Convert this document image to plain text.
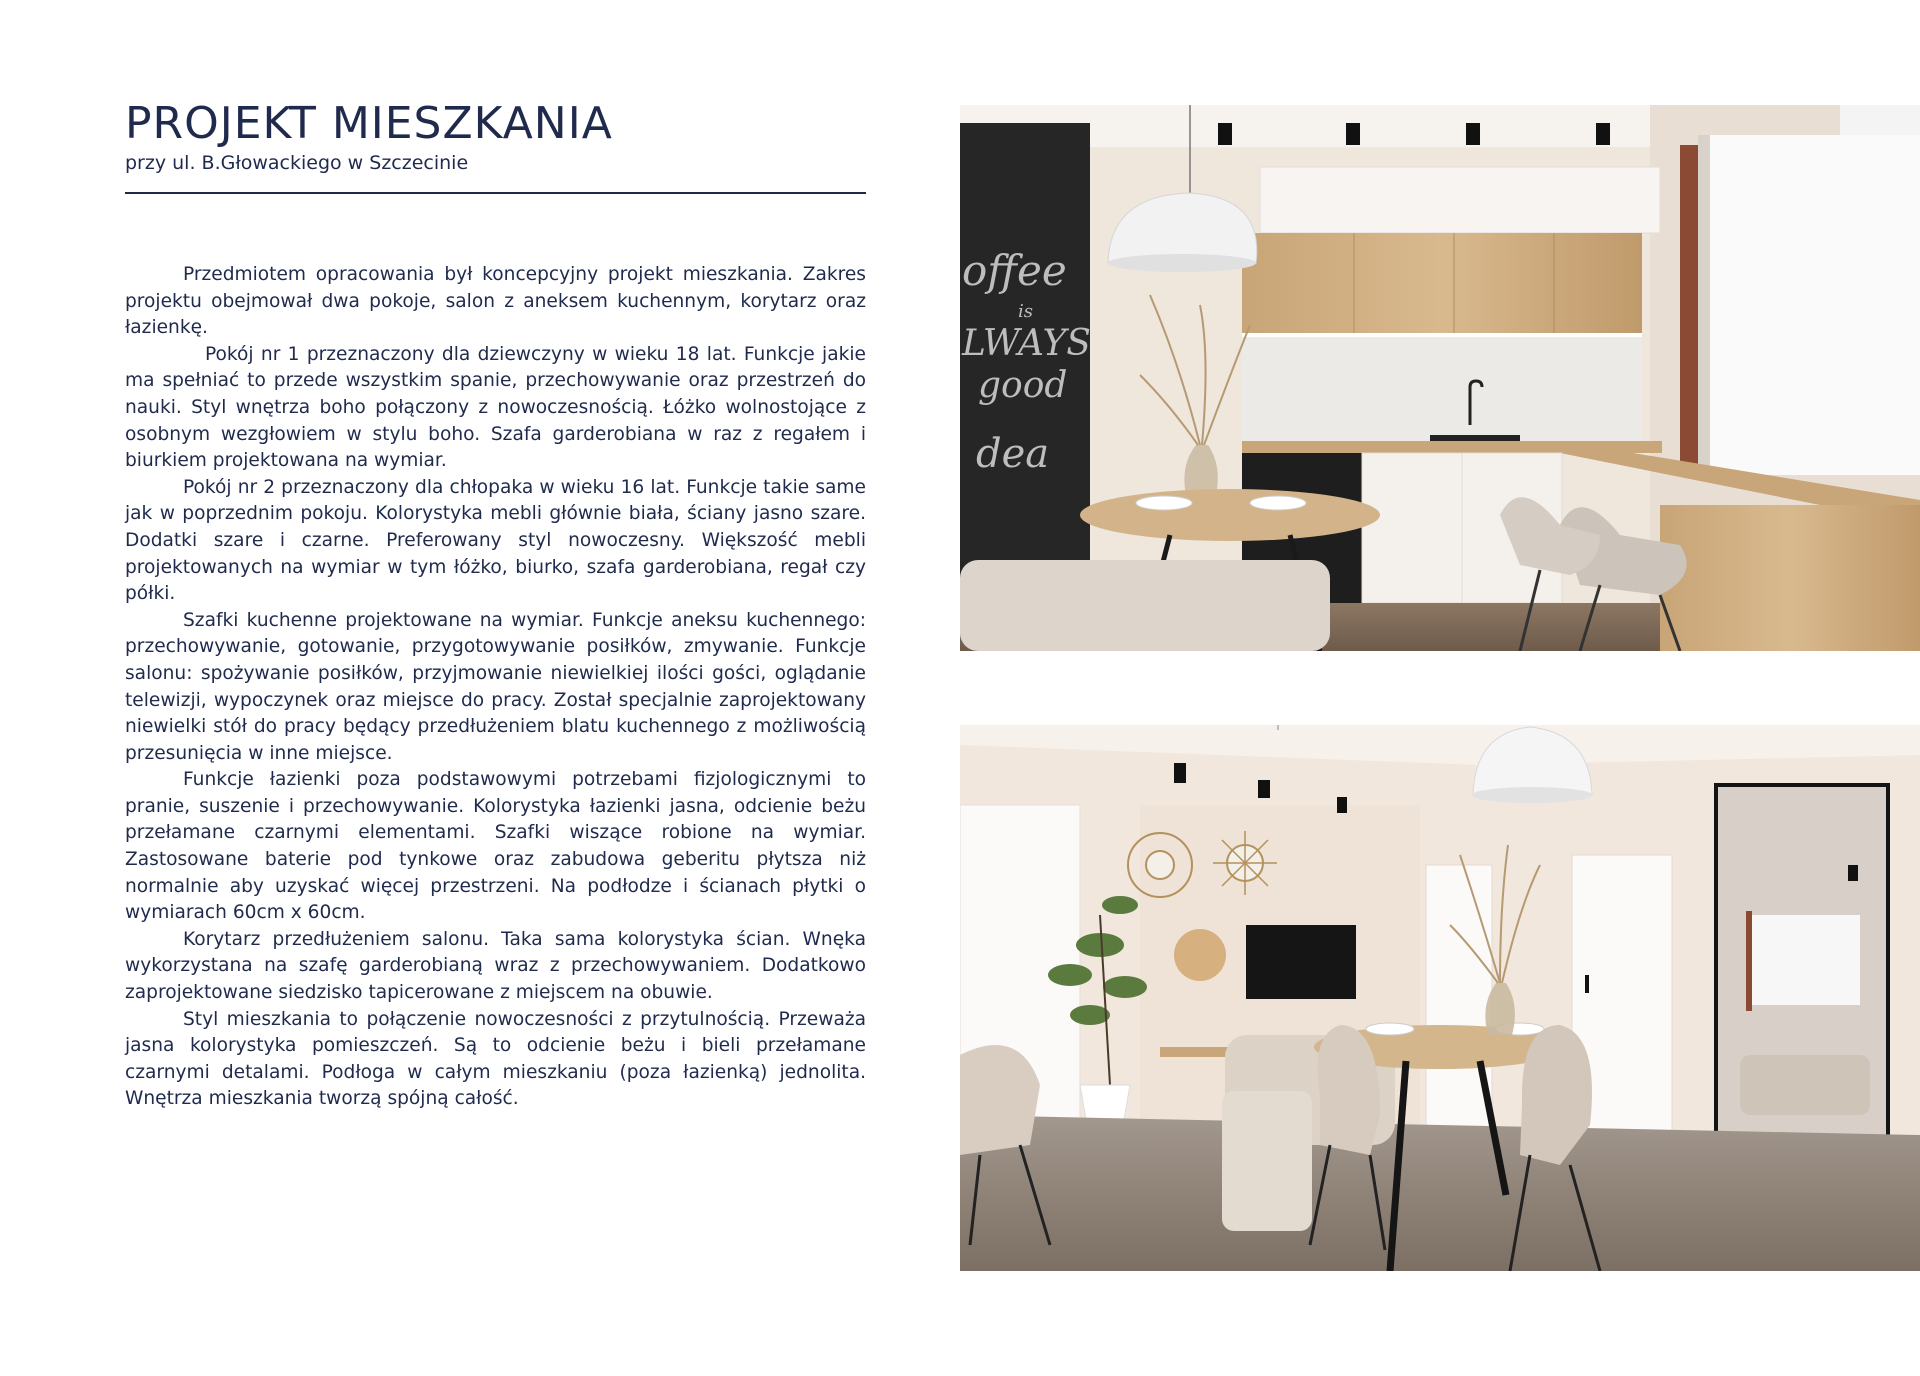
PROJEKT MIESZKANIA

przy ul. B.Głowackiego w Szczecinie

Przedmiotem opracowania był koncepcyjny projekt mieszkania. Zakres projektu obejmował dwa pokoje, salon z aneksem kuchennym, korytarz oraz łazienkę.

Pokój nr 1 przeznaczony dla dziewczyny w wieku 18 lat. Funkcje jakie ma spełniać to przede wszystkim spanie, przechowywanie oraz przestrzeń do nauki. Styl wnętrza boho połączony z nowoczesnością. Łóżko wolnostojące z osobnym wezgłowiem w stylu boho. Szafa garderobiana w raz z regałem i biurkiem projektowana na wymiar.

Pokój nr 2 przeznaczony dla chłopaka w wieku 16 lat. Funkcje takie same jak w poprzednim pokoju. Kolorystyka mebli głównie biała, ściany jasno szare. Dodatki szare i czarne. Preferowany styl nowoczesny. Większość mebli projektowanych na wymiar w tym łóżko, biurko, szafa garderobiana, regał czy półki.

Szafki kuchenne projektowane na wymiar. Funkcje aneksu kuchennego: przechowywanie, gotowanie, przygotowywanie posiłków, zmywanie. Funkcje salonu: spożywanie posiłków, przyjmowanie niewielkiej ilości gości, oglądanie telewizji, wypoczynek oraz miejsce do pracy. Został specjalnie zaprojektowany niewielki stół do pracy będący przedłużeniem blatu kuchennego z możliwością przesunięcia w inne miejsce.

Funkcje łazienki poza podstawowymi potrzebami fizjologicznymi to pranie, suszenie i przechowywanie. Kolorystyka łazienki jasna, odcienie beżu przełamane czarnymi elementami. Szafki wiszące robione na wymiar. Zastosowane baterie pod tynkowe oraz zabudowa geberitu płytsza niż normalnie aby uzyskać więcej przestrzeni. Na podłodze i ścianach płytki o wymiarach 60cm x 60cm.

Korytarz przedłużeniem salonu. Taka sama kolorystyka ścian. Wnęka wykorzystana na szafę garderobianą wraz z przechowywaniem. Dodatkowo zaprojektowane siedzisko tapicerowane z miejscem na obuwie.

Styl mieszkania to połączenie nowoczesności z przytulnością. Przeważa jasna kolorystyka pomieszczeń. Są to odcienie beżu i bieli przełamane czarnymi detalami. Podłoga w całym mieszkaniu (poza łazienką) jednolita. Wnętrza mieszkania tworzą spójną całość.

offee
is
LWAYS
good
dea
